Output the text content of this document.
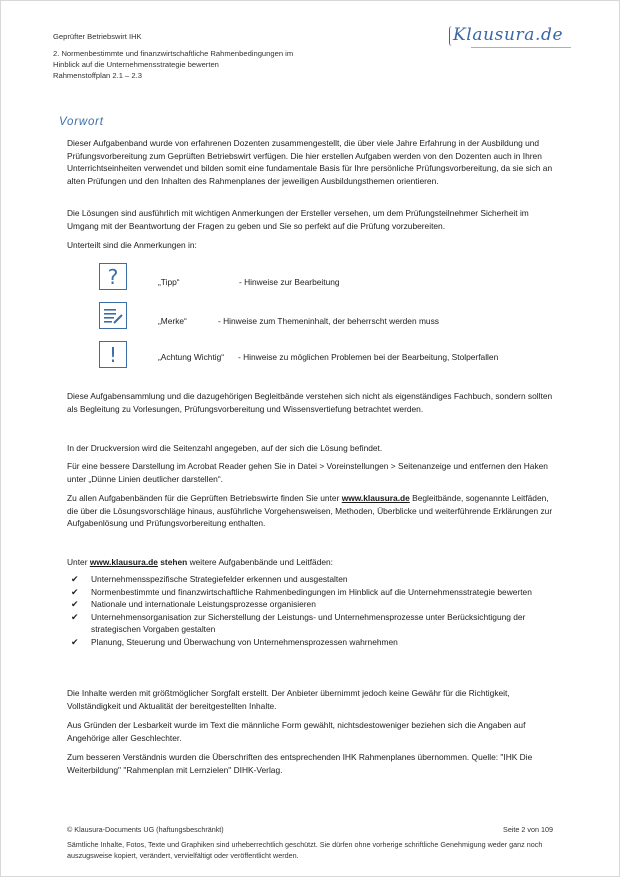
Geprüfter Betriebswirt IHK
2. Normenbestimmte und finanzwirtschaftliche Rahmenbedingungen im
Hinblick auf die Unternehmensstrategie bewerten
Rahmenstoffplan 2.1 – 2.3
Klausura.de
Vorwort
Dieser Aufgabenband wurde von erfahrenen Dozenten zusammengestellt, die über viele Jahre Erfahrung in der Ausbildung und Prüfungsvorbereitung zum Geprüften Betriebswirt verfügen. Die hier erstellen Aufgaben werden von den Dozenten auch in Ihren Unterrichtseinheiten verwendet und bilden somit eine fundamentale Basis für Ihre persönliche Prüfungsvorbereitung, da sie sich an alten Prüfungen und den Inhalten des Rahmenplanes der jeweiligen Ausbildungsthemen orientieren.
Die Lösungen sind ausführlich mit wichtigen Anmerkungen der Ersteller versehen, um dem Prüfungsteilnehmer Sicherheit im Umgang mit der Beantwortung der Fragen zu geben und Sie so perfekt auf die Prüfung vorzubereiten.
Unterteilt sind die Anmerkungen in:
?	„Tipp“	- Hinweise zur Bearbeitung
„Merke“	- Hinweise zum Themeninhalt, der beherrscht werden muss
!	„Achtung Wichtig“ - Hinweise zu möglichen Problemen bei der Bearbeitung, Stolperfallen
Diese Aufgabensammlung und die dazugehörigen Begleitbände verstehen sich nicht als eigenständiges Fachbuch, sondern sollten als Begleitung zu Vorlesungen, Prüfungsvorbereitung und Wissensvertiefung betrachtet werden.
In der Druckversion wird die Seitenzahl angegeben, auf der sich die Lösung befindet.
Für eine bessere Darstellung im Acrobat Reader gehen Sie in Datei > Voreinstellungen > Seitenanzeige und entfernen den Haken unter „Dünne Linien deutlicher darstellen“.
Zu allen Aufgabenbänden für die Geprüften Betriebswirte finden Sie unter www.klausura.de Begleitbände, sogenannte Leitfäden, die über die Lösungsvorschläge hinaus, ausführliche Vorgehensweisen, Methoden, Überblicke und weiterführende Erklärungen zur Aufgabenlösung und Prüfungsvorbereitung enthalten.
Unter www.klausura.de stehen weitere Aufgabenbände und Leitfäden:
✔ Unternehmensspezifische Strategiefelder erkennen und ausgestalten
✔ Normenbestimmte und finanzwirtschaftliche Rahmenbedingungen im Hinblick auf die Unternehmensstrategie bewerten
✔ Nationale und internationale Leistungsprozesse organisieren
✔ Unternehmensorganisation zur Sicherstellung der Leistungs- und Unternehmensprozesse unter Berücksichtigung der strategischen Vorgaben gestalten
✔ Planung, Steuerung und Überwachung von Unternehmensprozessen wahrnehmen
Die Inhalte werden mit größtmöglicher Sorgfalt erstellt. Der Anbieter übernimmt jedoch keine Gewähr für die Richtigkeit, Vollständigkeit und Aktualität der bereitgestellten Inhalte.
Aus Gründen der Lesbarkeit wurde im Text die männliche Form gewählt, nichtsdestoweniger beziehen sich die Angaben auf Angehörige aller Geschlechter.
Zum besseren Verständnis wurden die Überschriften des entsprechenden IHK Rahmenplanes übernommen. Quelle: "IHK Die Weiterbildung" "Rahmenplan mit Lernzielen" DIHK-Verlag.
© Klausura-Documents UG (haftungsbeschränkt)	Seite 2 von 109
Sämtliche Inhalte, Fotos, Texte und Graphiken sind urheberrechtlich geschützt. Sie dürfen ohne vorherige schriftliche Genehmigung weder ganz noch auszugsweise kopiert, verändert, vervielfältigt oder veröffentlicht werden.
